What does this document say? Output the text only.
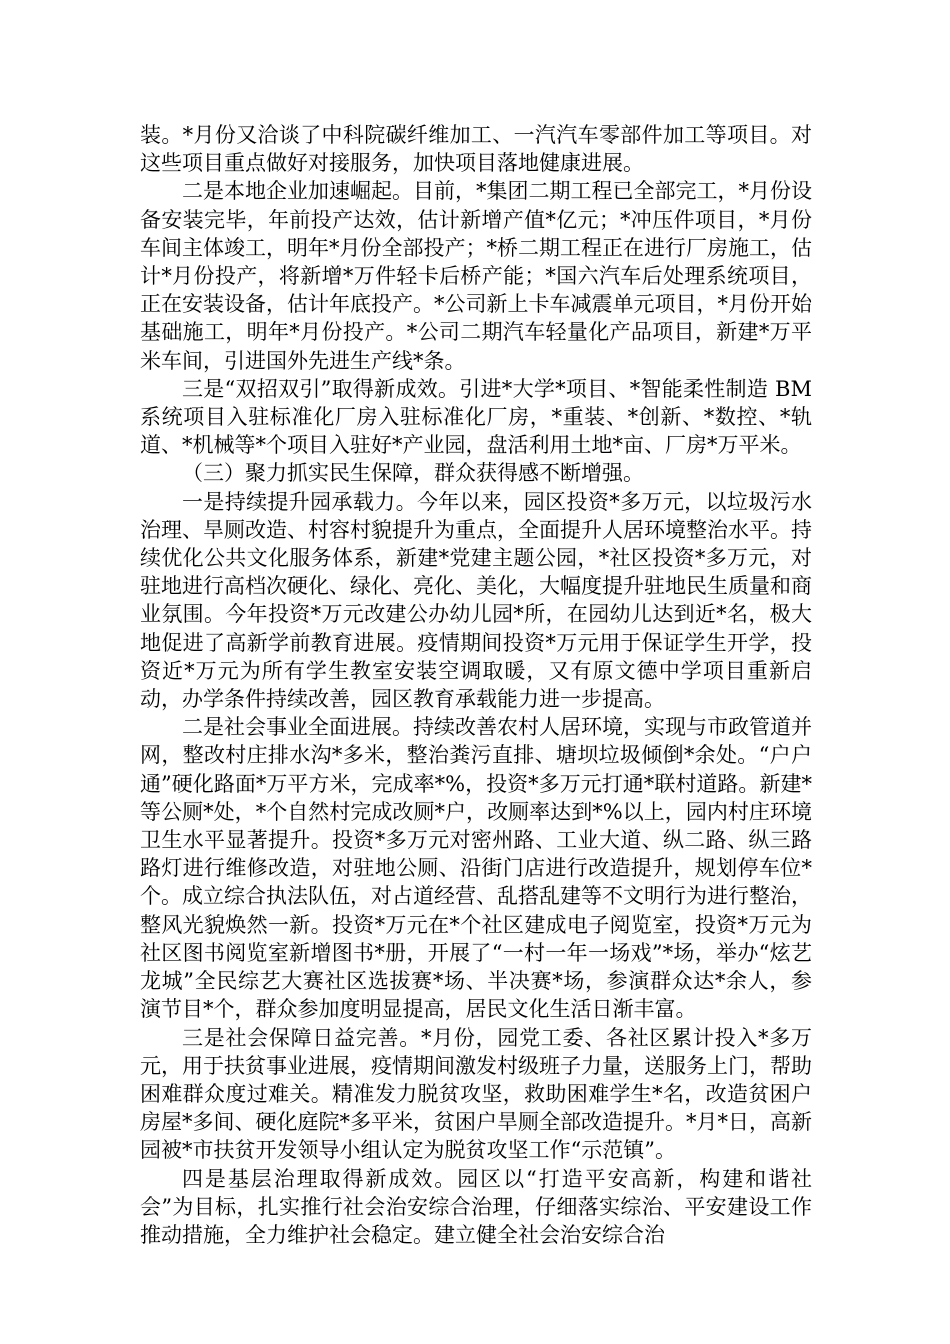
装。*月份又洽谈了中科院碳纤维加工、一汽汽车零部件加工等项目。对这些项目重点做好对接服务，加快项目落地健康进展。

二是本地企业加速崛起。目前，*集团二期工程已全部完工，*月份设备安装完毕，年前投产达效，估计新增产值*亿元；*冲压件项目，*月份车间主体竣工，明年*月份全部投产；*桥二期工程正在进行厂房施工，估计*月份投产，将新增*万件轻卡后桥产能；*国六汽车后处理系统项目，正在安装设备，估计年底投产。*公司新上卡车减震单元项目，*月份开始基础施工，明年*月份投产。*公司二期汽车轻量化产品项目，新建*万平米车间，引进国外先进生产线*条。

三是“双招双引”取得新成效。引进*大学*项目、*智能柔性制造 BM 系统项目入驻标准化厂房入驻标准化厂房，*重装、*创新、*数控、*轨道、*机械等*个项目入驻好*产业园，盘活利用土地*亩、厂房*万平米。

（三）聚力抓实民生保障，群众获得感不断增强。

一是持续提升园承载力。今年以来，园区投资*多万元，以垃圾污水治理、旱厕改造、村容村貌提升为重点，全面提升人居环境整治水平。持续优化公共文化服务体系，新建*党建主题公园，*社区投资*多万元，对驻地进行高档次硬化、绿化、亮化、美化，大幅度提升驻地民生质量和商业氛围。今年投资*万元改建公办幼儿园*所，在园幼儿达到近*名，极大地促进了高新学前教育进展。疫情期间投资*万元用于保证学生开学，投资近*万元为所有学生教室安装空调取暖，又有原文德中学项目重新启动，办学条件持续改善，园区教育承载能力进一步提高。

二是社会事业全面进展。持续改善农村人居环境，实现与市政管道并网，整改村庄排水沟*多米，整治粪污直排、塘坝垃圾倾倒*余处。“户户通”硬化路面*万平方米，完成率*%，投资*多万元打通*联村道路。新建*等公厕*处，*个自然村完成改厕*户，改厕率达到*%以上，园内村庄环境卫生水平显著提升。投资*多万元对密州路、工业大道、纵二路、纵三路路灯进行维修改造，对驻地公厕、沿街门店进行改造提升，规划停车位*个。成立综合执法队伍，对占道经营、乱搭乱建等不文明行为进行整治，整风光貌焕然一新。投资*万元在*个社区建成电子阅览室，投资*万元为社区图书阅览室新增图书*册，开展了“一村一年一场戏”*场，举办“炫艺龙城”全民综艺大赛社区选拔赛*场、半决赛*场，参演群众达*余人，参演节目*个，群众参加度明显提高，居民文化生活日渐丰富。

三是社会保障日益完善。*月份，园党工委、各社区累计投入*多万元，用于扶贫事业进展，疫情期间激发村级班子力量，送服务上门，帮助困难群众度过难关。精准发力脱贫攻坚，救助困难学生*名，改造贫困户房屋*多间、硬化庭院*多平米，贫困户旱厕全部改造提升。*月*日，高新园被*市扶贫开发领导小组认定为脱贫攻坚工作“示范镇”。

四是基层治理取得新成效。园区以“打造平安高新，构建和谐社会”为目标，扎实推行社会治安综合治理，仔细落实综治、平安建设工作推动措施，全力维护社会稳定。建立健全社会治安综合治
